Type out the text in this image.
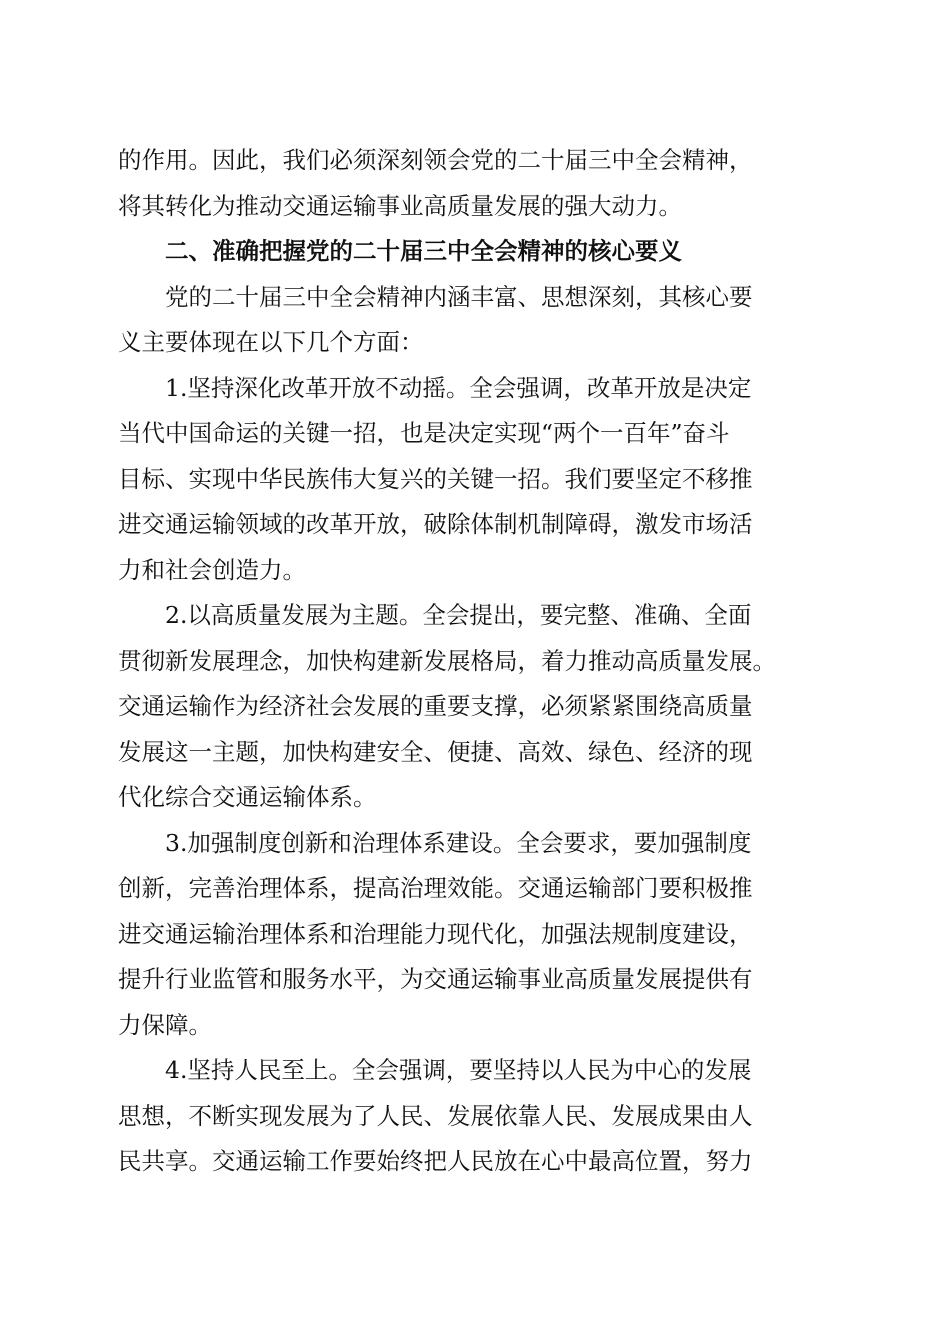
的作用。因此，我们必须深刻领会党的二十届三中全会精神，
将其转化为推动交通运输事业高质量发展的强大动力。
二、准确把握党的二十届三中全会精神的核心要义
党的二十届三中全会精神内涵丰富、思想深刻，其核心要
义主要体现在以下几个方面：
1.坚持深化改革开放不动摇。全会强调，改革开放是决定
当代中国命运的关键一招，也是决定实现“两个一百年”奋斗
目标、实现中华民族伟大复兴的关键一招。我们要坚定不移推
进交通运输领域的改革开放，破除体制机制障碍，激发市场活
力和社会创造力。
2.以高质量发展为主题。全会提出，要完整、准确、全面
贯彻新发展理念，加快构建新发展格局，着力推动高质量发展。
交通运输作为经济社会发展的重要支撑，必须紧紧围绕高质量
发展这一主题，加快构建安全、便捷、高效、绿色、经济的现
代化综合交通运输体系。
3.加强制度创新和治理体系建设。全会要求，要加强制度
创新，完善治理体系，提高治理效能。交通运输部门要积极推
进交通运输治理体系和治理能力现代化，加强法规制度建设，
提升行业监管和服务水平，为交通运输事业高质量发展提供有
力保障。
4.坚持人民至上。全会强调，要坚持以人民为中心的发展
思想，不断实现发展为了人民、发展依靠人民、发展成果由人
民共享。交通运输工作要始终把人民放在心中最高位置，努力
